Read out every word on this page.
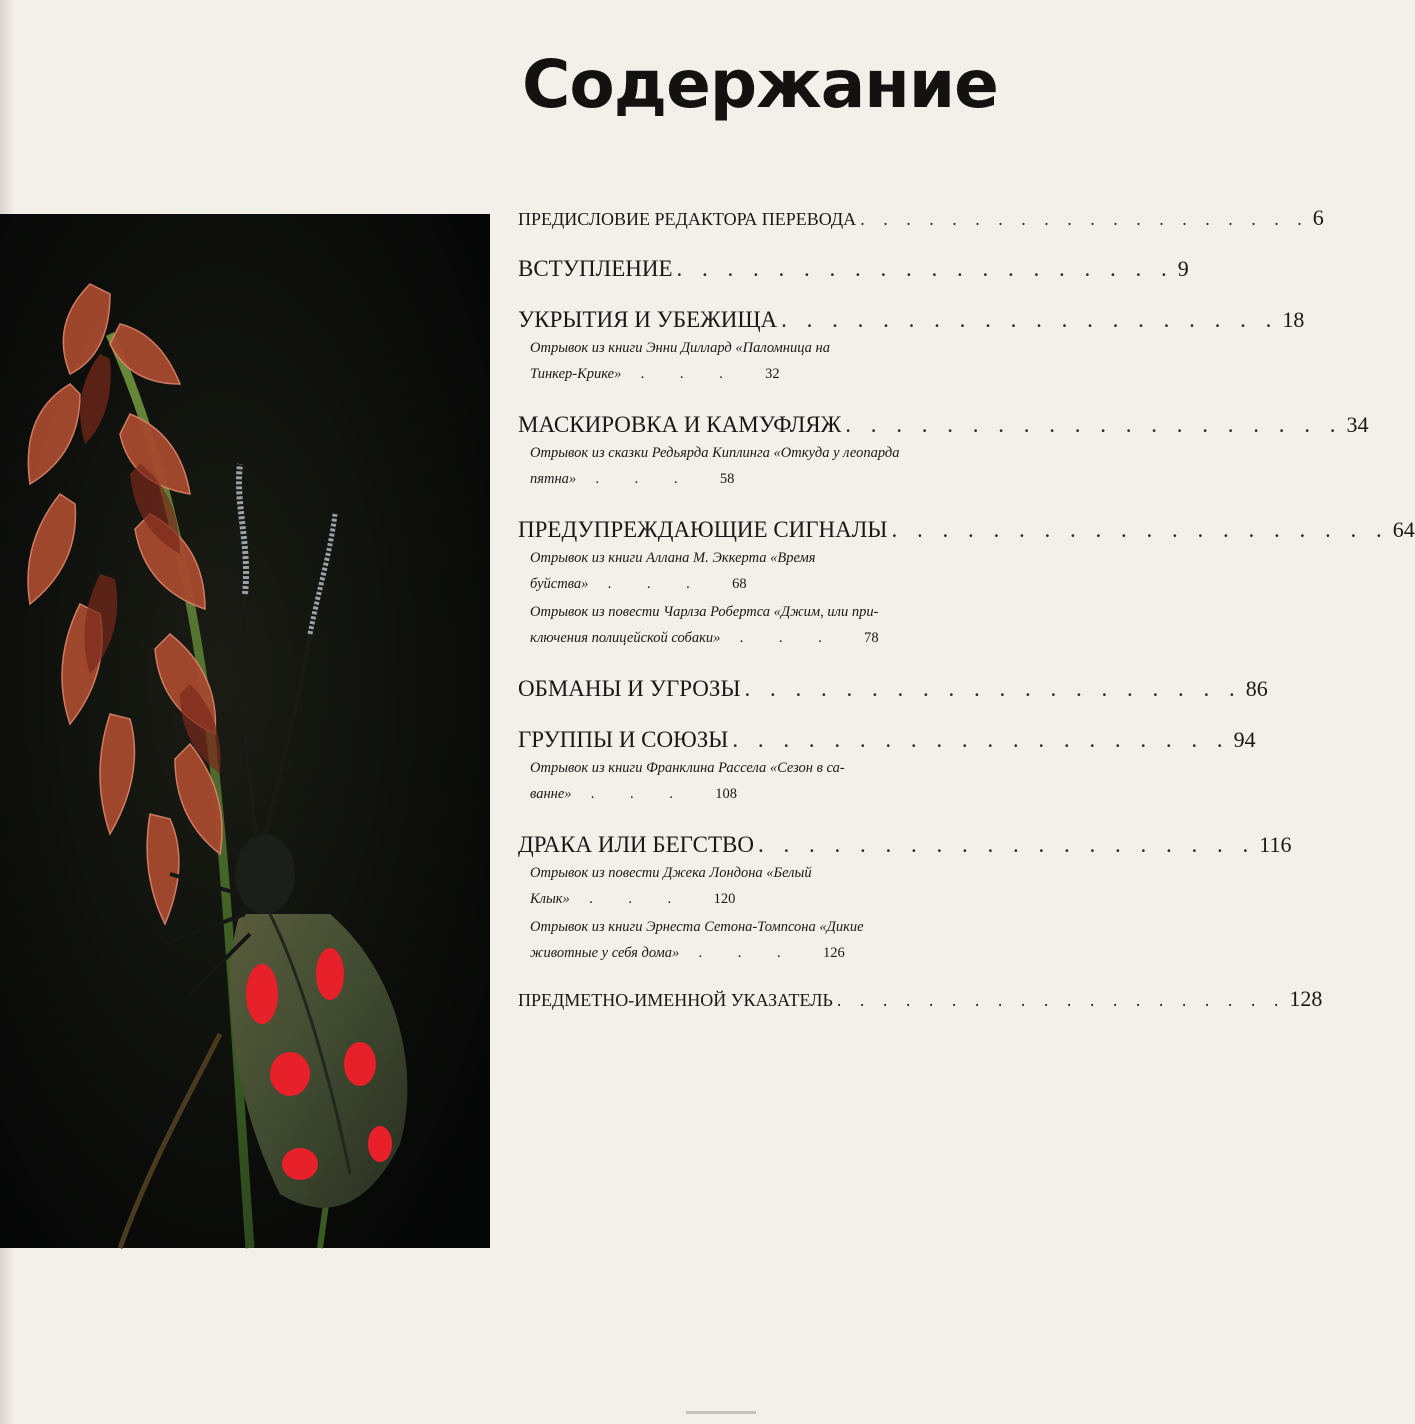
Содержание
ПРЕДИСЛОВИЕ РЕДАКТОРА ПЕРЕВОДА . . . . . . . . . . . . . . . . . . . . 6
ВСТУПЛЕНИЕ . . . . . . . . . . . . . . . . . . . . 9
УКРЫТИЯ И УБЕЖИЩА . . . . . . . . . . . . . . . . . . . . 18
Отрывок из книги Энни Диллард «Паломница на
Тинкер-Крике» . . . 32
МАСКИРОВКА И КАМУФЛЯЖ . . . . . . . . . . . . . . . . . . . . 34
Отрывок из сказки Редьярда Киплинга «Откуда у леопарда
пятна» . . . 58
ПРЕДУПРЕЖДАЮЩИЕ СИГНАЛЫ . . . . . . . . . . . . . . . . . . . . 64
Отрывок из книги Аллана М. Эккерта «Время
буйства» . . . 68
Отрывок из повести Чарлза Робертса «Джим, или при-
ключения полицейской собаки» . . . 78
ОБМАНЫ И УГРОЗЫ . . . . . . . . . . . . . . . . . . . . 86
ГРУППЫ И СОЮЗЫ . . . . . . . . . . . . . . . . . . . . 94
Отрывок из книги Франклина Рассела «Сезон в са-
ванне» . . . 108
ДРАКА ИЛИ БЕГСТВО . . . . . . . . . . . . . . . . . . . . 116
Отрывок из повести Джека Лондона «Белый
Клык» . . . 120
Отрывок из книги Эрнеста Сетона-Томпсона «Дикие
животные у себя дома» . . . 126
ПРЕДМЕТНО-ИМЕННОЙ УКАЗАТЕЛЬ . . . . . . . . . . . . . . . . . . . . 128
